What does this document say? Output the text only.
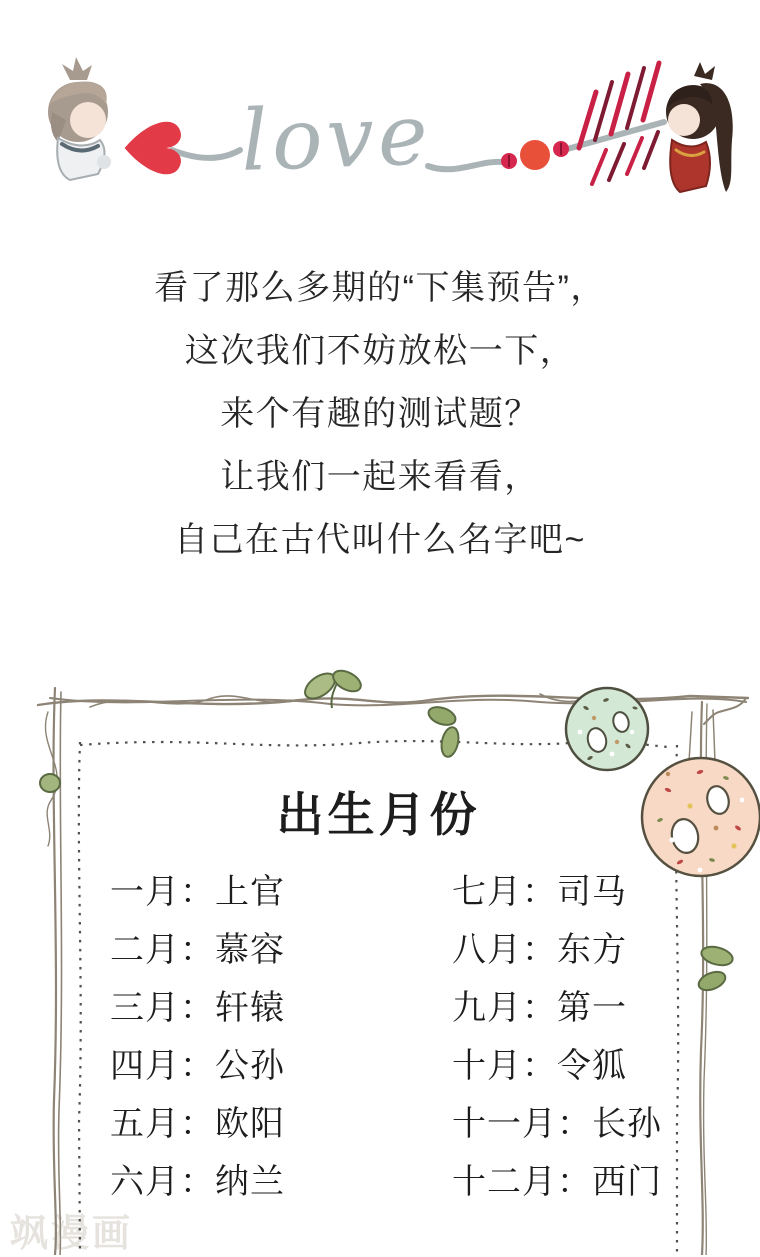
love

看了那么多期的“下集预告”，

这次我们不妨放松一下，

来个有趣的测试题？

让我们一起来看看，

自己在古代叫什么名字吧~

飒漫画
出生月份
一月：上官
二月：慕容
三月：轩辕
四月：公孙
五月：欧阳
六月：纳兰
七月：司马
八月：东方
九月：第一
十月：令狐
十一月：长孙
十二月：西门
